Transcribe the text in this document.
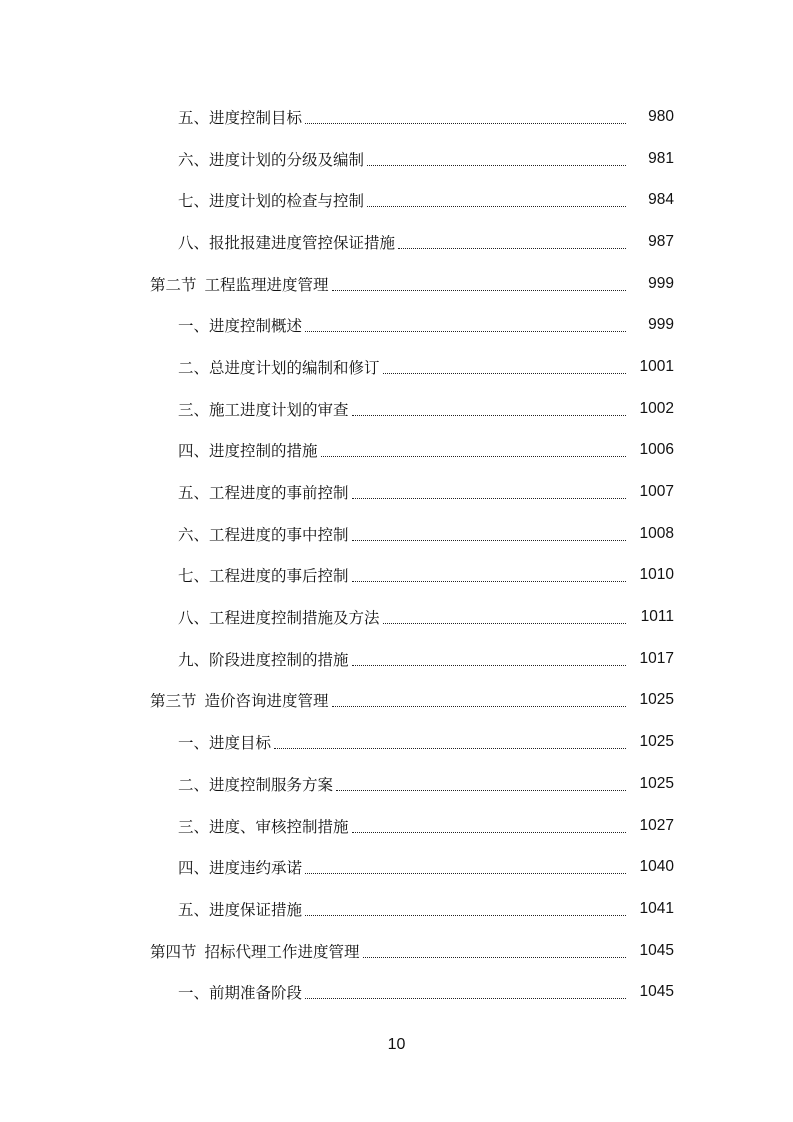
五、进度控制目标	980
六、进度计划的分级及编制	981
七、进度计划的检查与控制	984
八、报批报建进度管控保证措施	987
第二节 工程监理进度管理	999
一、进度控制概述	999
二、总进度计划的编制和修订	1001
三、施工进度计划的审查	1002
四、进度控制的措施	1006
五、工程进度的事前控制	1007
六、工程进度的事中控制	1008
七、工程进度的事后控制	1010
八、工程进度控制措施及方法	1011
九、阶段进度控制的措施	1017
第三节 造价咨询进度管理	1025
一、进度目标	1025
二、进度控制服务方案	1025
三、进度、审核控制措施	1027
四、进度违约承诺	1040
五、进度保证措施	1041
第四节 招标代理工作进度管理	1045
一、前期准备阶段	1045
10
